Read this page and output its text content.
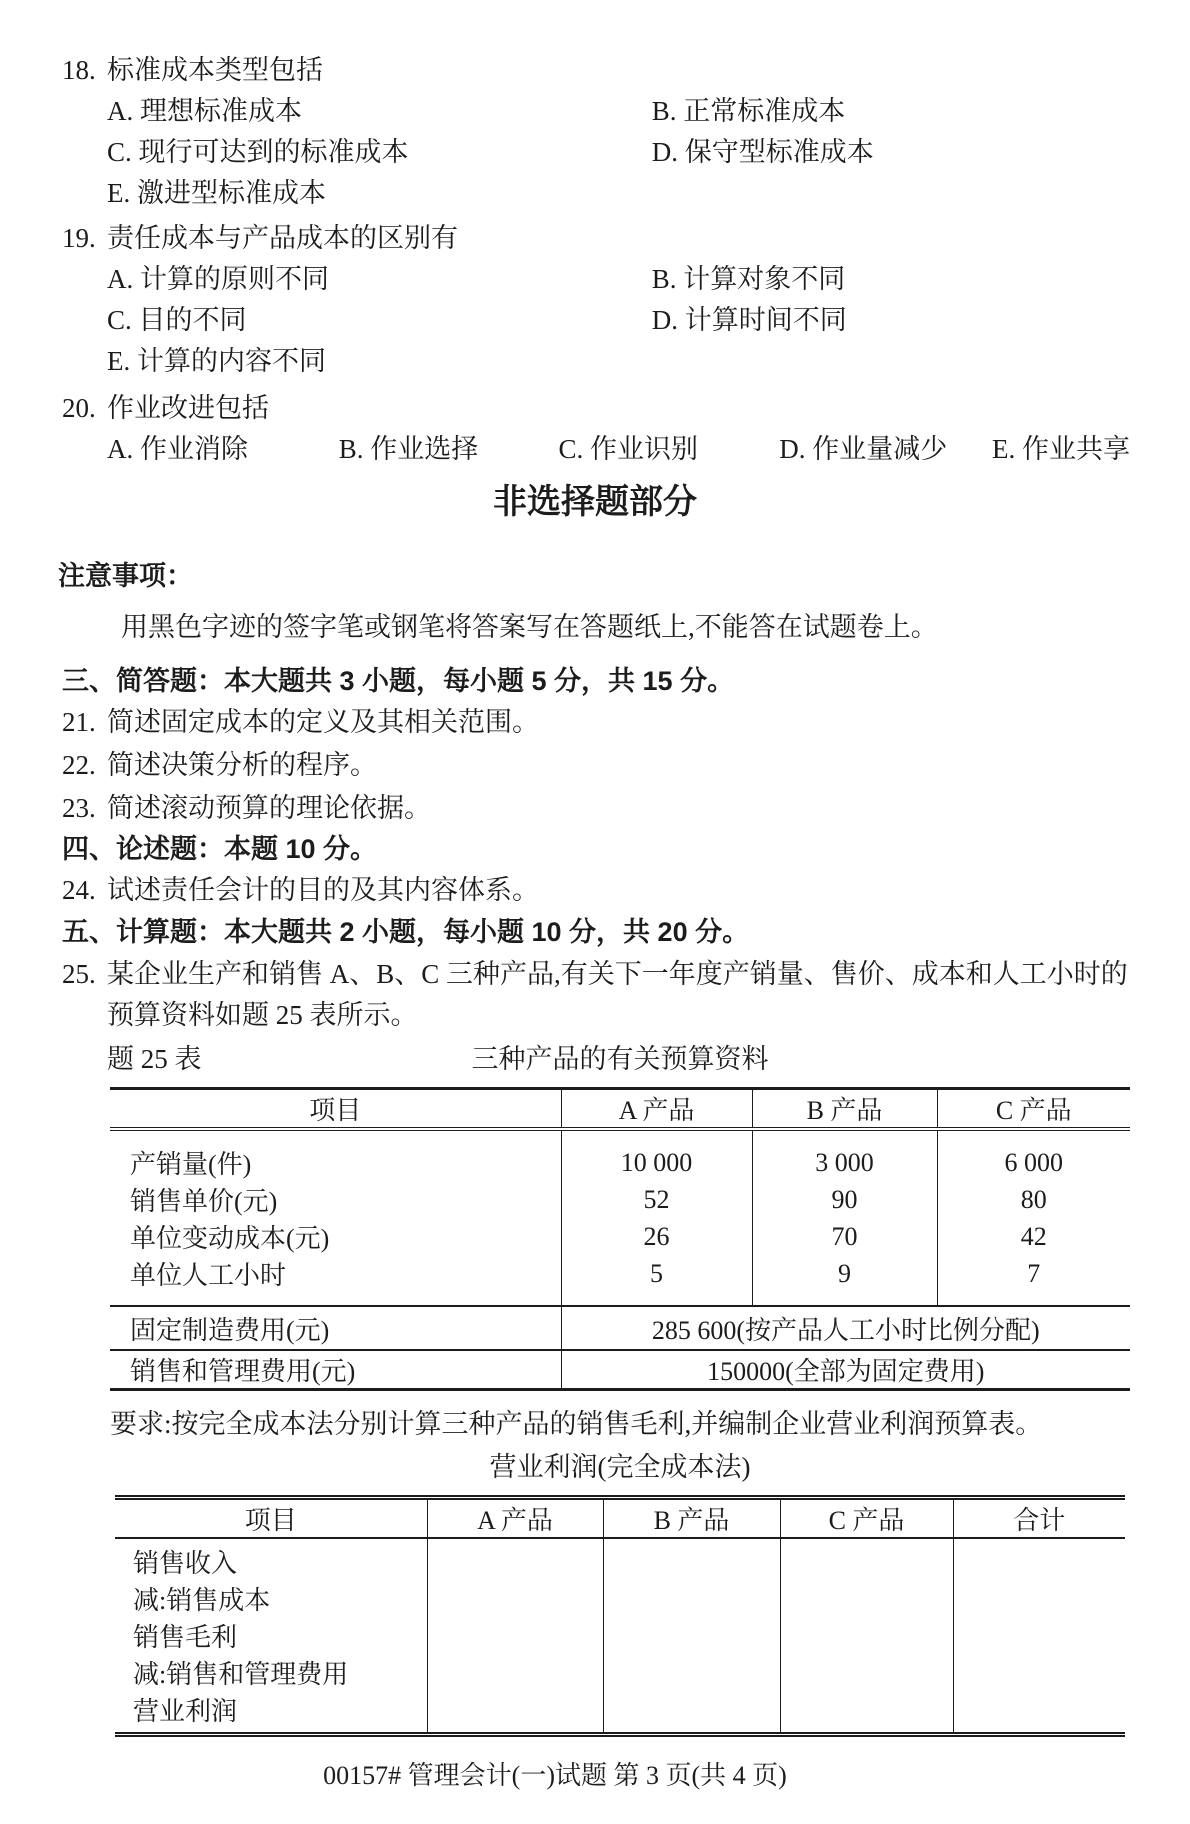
18. 标准成本类型包括
A. 理想标准成本	B. 正常标准成本
C. 现行可达到的标准成本	D. 保守型标准成本
E. 激进型标准成本
19. 责任成本与产品成本的区别有
A. 计算的原则不同	B. 计算对象不同
C. 目的不同	D. 计算时间不同
E. 计算的内容不同
20. 作业改进包括
A. 作业消除	B. 作业选择	C. 作业识别	D. 作业量减少 E. 作业共享
非选择题部分
注意事项：
用黑色字迹的签字笔或钢笔将答案写在答题纸上,不能答在试题卷上。
三、简答题：本大题共 3 小题，每小题 5 分，共 15 分。
21. 简述固定成本的定义及其相关范围。
22. 简述决策分析的程序。
23. 简述滚动预算的理论依据。
四、论述题：本题 10 分。
24. 试述责任会计的目的及其内容体系。
五、计算题：本大题共 2 小题，每小题 10 分，共 20 分。
25. 某企业生产和销售 A、B、C 三种产品,有关下一年度产销量、售价、成本和人工小时的
预算资料如题 25 表所示。
题 25 表	三种产品的有关预算资料
项目	A 产品	B 产品	C 产品
产销量(件)	10 000	3 000	6 000
销售单价(元)	52	90	80
单位变动成本(元)	26	70	42
单位人工小时	5	9	7
固定制造费用(元)	285 600(按产品人工小时比例分配)		
销售和管理费用(元)	150000(全部为固定费用)		
要求:按完全成本法分别计算三种产品的销售毛利,并编制企业营业利润预算表。
营业利润(完全成本法)
项目	A 产品	B 产品	C 产品	合计

销售收入
减:销售成本
销售毛利
减:销售和管理费用
营业利润				

00157# 管理会计(一)试题 第 3 页(共 4 页)
